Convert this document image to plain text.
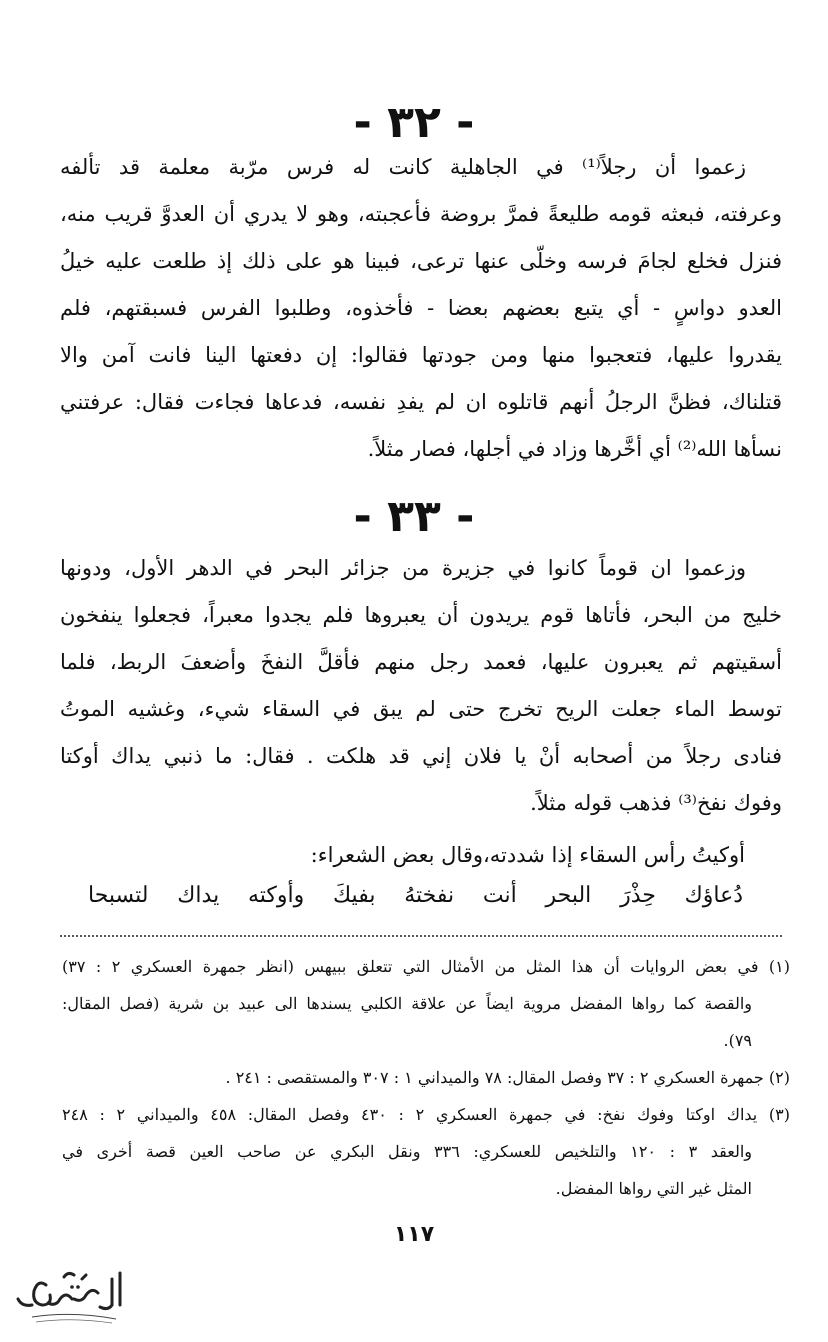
- ٣٢ -
زعموا أن رجلاً⁽¹⁾ في الجاهلية كانت له فرس مرّبة معلمة قد تألفه
وعرفته، فبعثه قومه طليعةً فمرَّ بروضة فأعجبته، وهو لا يدري أن العدوَّ قريب منه،
فنزل فخلع لجامَ فرسه وخلّى عنها ترعى، فبينا هو على ذلك إذ طلعت عليه خيلُ
العدو دواسٍ - أي يتبع بعضهم بعضا - فأخذوه، وطلبوا الفرس فسبقتهم، فلم
يقدروا عليها، فتعجبوا منها ومن جودتها فقالوا: إن دفعتها الينا فانت آمن والا
قتلناك، فظنَّ الرجلُ أنهم قاتلوه ان لم يفدِ نفسه، فدعاها فجاءت فقال: عرفتني
نسأها الله⁽²⁾ أي أخَّرها وزاد في أجلها، فصار مثلاً.
- ٣٣ -
وزعموا ان قوماً كانوا في جزيرة من جزائر البحر في الدهر الأول، ودونها
خليج من البحر، فأتاها قوم يريدون أن يعبروها فلم يجدوا معبراً، فجعلوا ينفخون
أسقيتهم ثم يعبرون عليها، فعمد رجل منهم فأقلَّ النفخَ وأضعفَ الربط، فلما
توسط الماء جعلت الريح تخرج حتى لم يبق في السقاء شيء، وغشيه الموتُ
فنادى رجلاً من أصحابه أنْ يا فلان إني قد هلكت . فقال: ما ذنبي يداك أوكتا
وفوك نفخ⁽³⁾ فذهب قوله مثلاً.
أوكيتُ رأس السقاء إذا شددته،وقال بعض الشعراء:
دُعاؤك حِذْرَ البحر أنت نفختهُ بفيكَ وأوكته يداك لتسبحا
(١) في بعض الروايات أن هذا المثل من الأمثال التي تتعلق ببيهس (انظر جمهرة العسكري ٢ : ٣٧)
والقصة كما رواها المفضل مروية ايضاً عن علاقة الكلبي يسندها الى عبيد بن شرية (فصل المقال:
٧٩).
(٢) جمهرة العسكري ٢ : ٣٧ وفصل المقال: ٧٨ والميداني ١ : ٣٠٧ والمستقصى : ٢٤١ .
(٣) يداك اوكتا وفوك نفخ: في جمهرة العسكري ٢ : ٤٣٠ وفصل المقال: ٤٥٨ والميداني ٢ : ٢٤٨
والعقد ٣ : ١٢٠ والتلخيص للعسكري: ٣٣٦ ونقل البكري عن صاحب العين قصة أخرى في
المثل غير التي رواها المفضل.
١١٧
